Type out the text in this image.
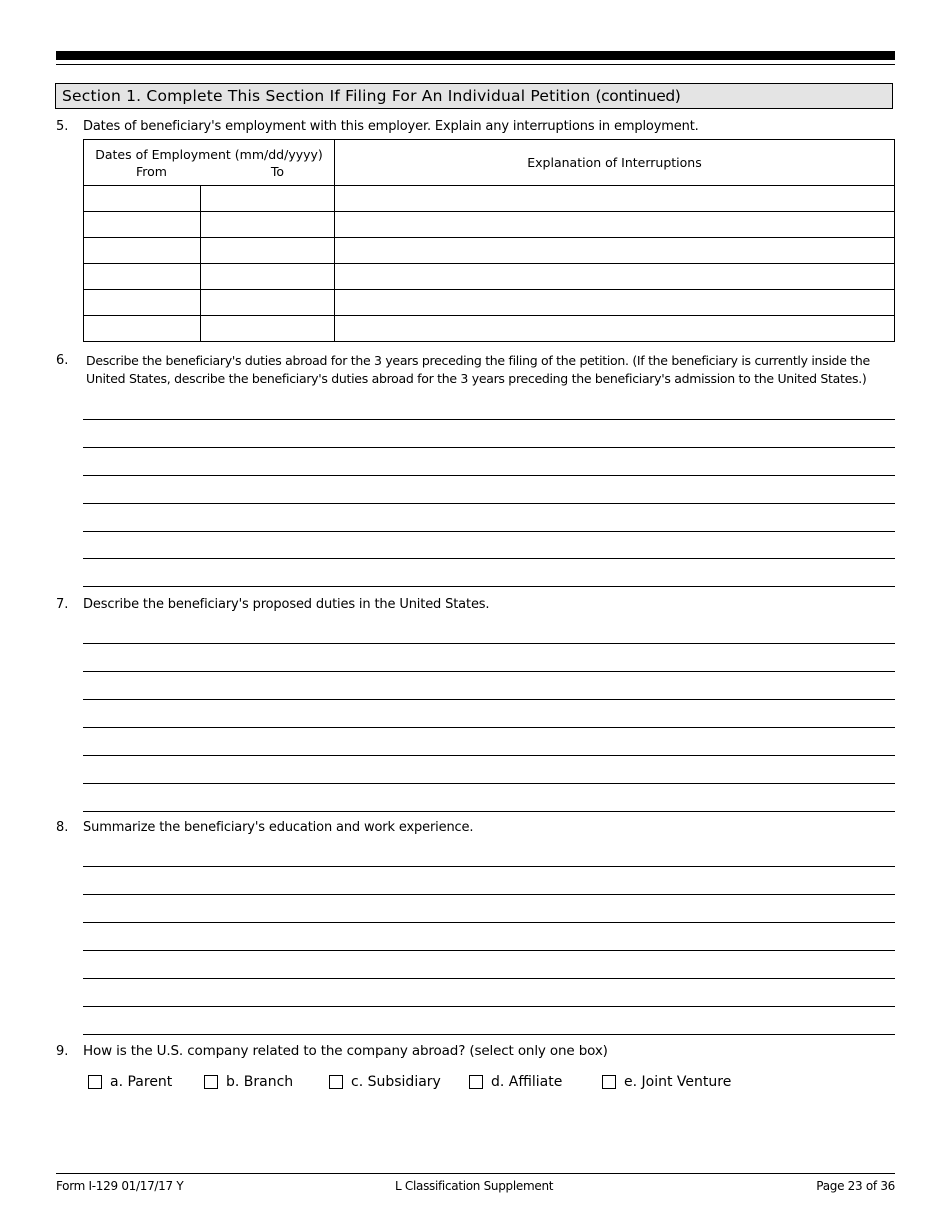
Section 1. Complete This Section If Filing For An Individual Petition (continued)
5. Dates of beneficiary's employment with this employer. Explain any interruptions in employment.
Dates of Employment (mm/dd/yyyy)
From To		Explanation of Interruptions

6. Describe the beneficiary's duties abroad for the 3 years preceding the filing of the petition. (If the beneficiary is currently inside the
United States, describe the beneficiary's duties abroad for the 3 years preceding the beneficiary's admission to the United States.)
7. Describe the beneficiary's proposed duties in the United States.
8. Summarize the beneficiary's education and work experience.
9. How is the U.S. company related to the company abroad? (select only one box)
a. Parent	b. Branch	c. Subsidiary	d. Affiliate	e. Joint Venture
Form I-129 01/17/17 Y	L Classification Supplement	Page 23 of 36
